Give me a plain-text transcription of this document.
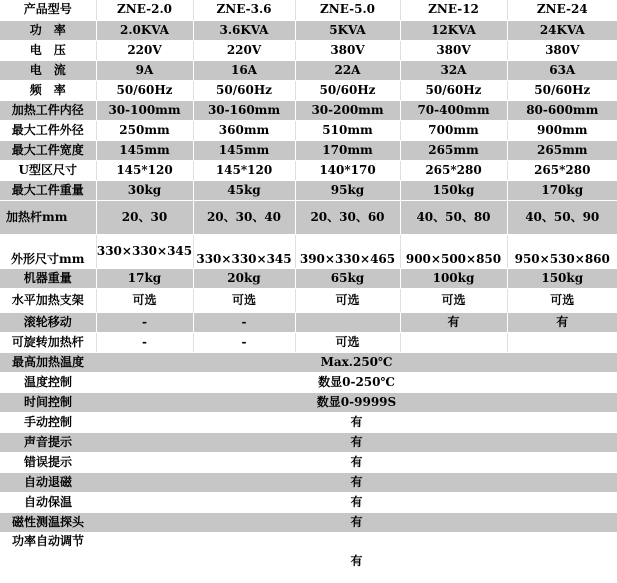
产品型号	ZNE-2.0	ZNE-3.6	ZNE-5.0	ZNE-12	ZNE-24
功　率	2.0KVA	3.6KVA	5KVA	12KVA	24KVA
电　压	220V	220V	380V	380V	380V
电　流	9A	16A	22A	32A	63A
频　率	50/60Hz	50/60Hz	50/60Hz	50/60Hz	50/60Hz
加热工件内径	30-100mm	30-160mm	30-200mm	70-400mm	80-600mm
最大工件外径	250mm	360mm	510mm	700mm	900mm
最大工件宽度	145mm	145mm	170mm	265mm	265mm
U型区尺寸	145*120	145*120	140*170	265*280	265*280
最大工件重量	30kg	45kg	95kg	150kg	170kg
加热杆mm	20、30	20、30、40	20、30、60	40、50、80	40、50、90
外形尺寸mm	330×330×345	330×330×345	390×330×465	900×500×850	950×530×860
机器重量	17kg	20kg	65kg	100kg	150kg
水平加热支架	可选	可选	可选	可选	可选
滚轮移动	-	-		有	有
可旋转加热杆	-	-	可选		
最高加热温度	Max.250℃				
温度控制	数显0-250℃				
时间控制	数显0-9999S				
手动控制	有				
声音提示	有				
错误提示	有				
自动退磁	有				
自动保温	有				
磁性测温探头	有				
功率自动调节	有				
